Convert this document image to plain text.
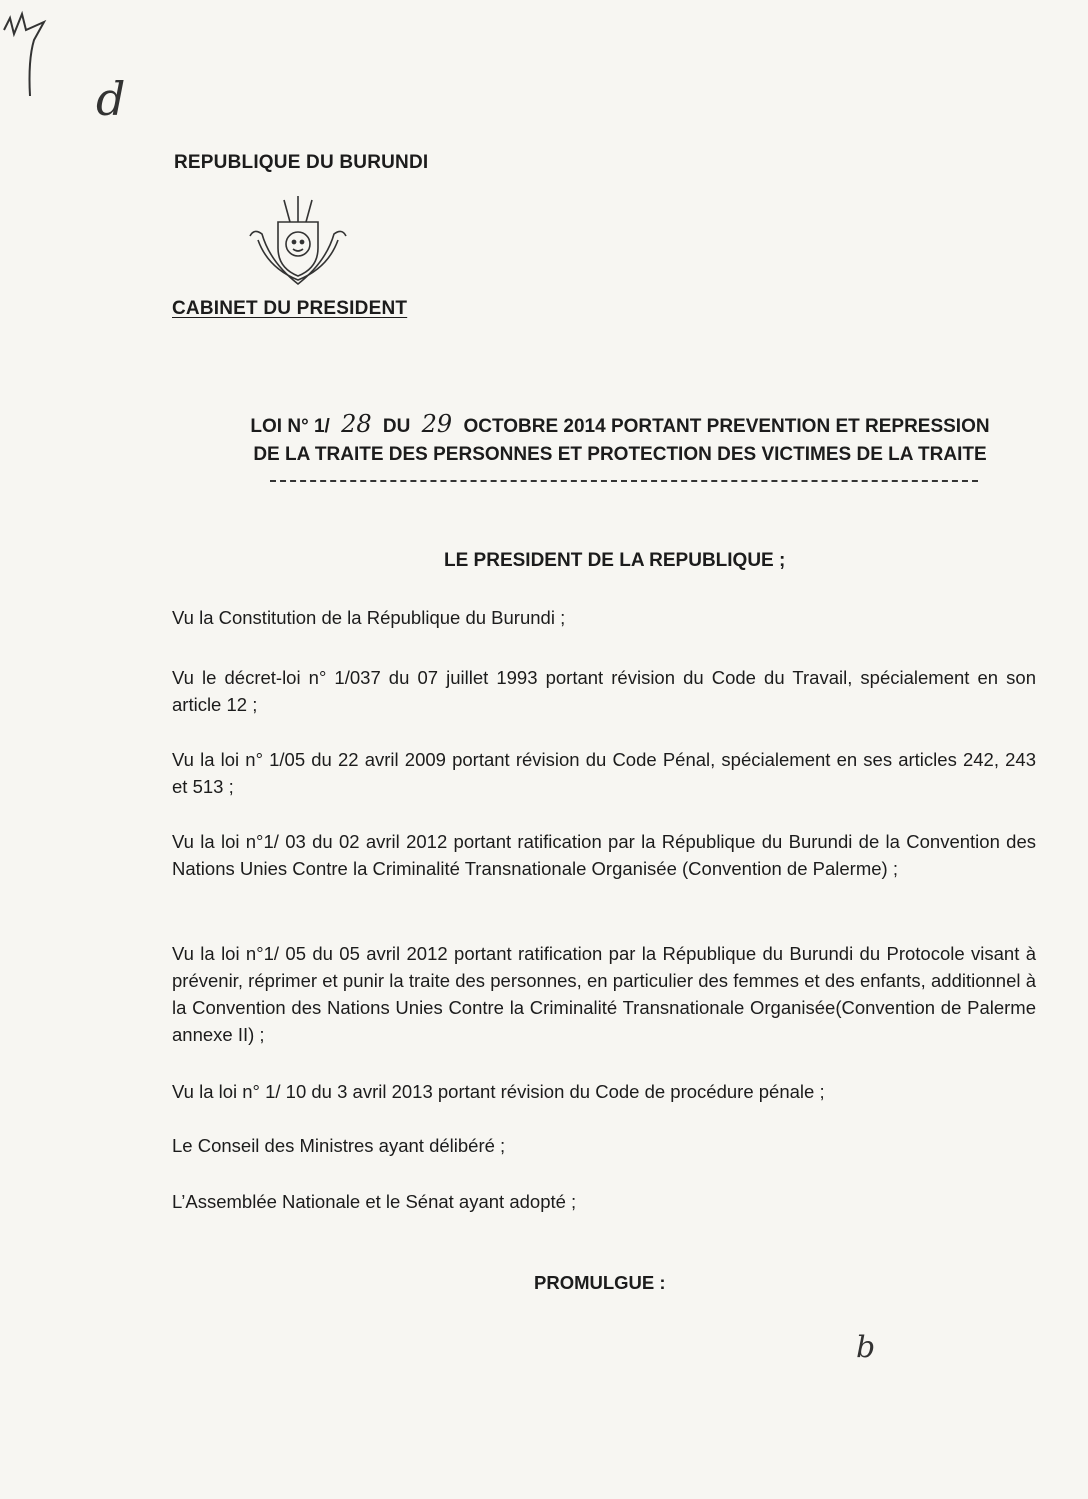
d
REPUBLIQUE DU BURUNDI
CABINET DU PRESIDENT
LOI N° 1/ 28 DU 29 OCTOBRE 2014 PORTANT PREVENTION ET REPRESSION
DE LA TRAITE DES PERSONNES ET PROTECTION DES VICTIMES DE LA TRAITE
LE PRESIDENT DE LA REPUBLIQUE ;
Vu la Constitution de la République du Burundi ;
Vu le décret-loi n° 1/037 du 07 juillet 1993 portant révision du Code du Travail, spécialement en son article 12 ;
Vu la loi n° 1/05 du 22 avril 2009 portant révision du Code Pénal, spécialement en ses articles 242, 243 et 513 ;
Vu la loi n°1/ 03 du 02 avril 2012 portant ratification par la République du Burundi de la Convention des Nations Unies Contre la Criminalité Transnationale Organisée (Convention de Palerme) ;
Vu la loi n°1/ 05 du 05 avril 2012 portant ratification par la République du Burundi du Protocole visant à prévenir, réprimer et punir la traite des personnes, en particulier des femmes et des enfants, additionnel à la Convention des Nations Unies Contre la Criminalité Transnationale Organisée(Convention de Palerme annexe II) ;
Vu la loi n° 1/ 10 du 3 avril 2013 portant révision du Code de procédure pénale ;
Le Conseil des Ministres ayant délibéré ;
L’Assemblée Nationale et le Sénat ayant adopté ;
PROMULGUE :
b
